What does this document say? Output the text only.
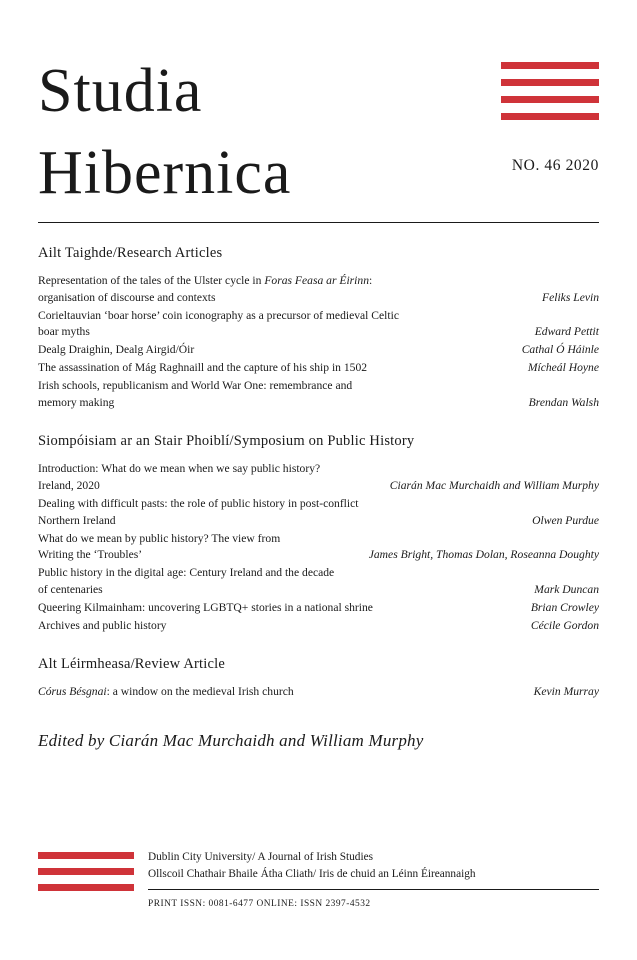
Studia
Hibernica	NO. 46 2020
Ailt Taighde/Research Articles
Representation of the tales of the Ulster cycle in Foras Feasa ar Éirinn:
organisation of discourse and contexts	Feliks Levin
Corieltauvian ‘boar horse’ coin iconography as a precursor of medieval Celtic
boar myths	Edward Pettit
Dealg Draighin, Dealg Airgid/Óir	Cathal Ó Háinle
The assassination of Mág Raghnaill and the capture of his ship in 1502	Mícheál Hoyne
Irish schools, republicanism and World War One: remembrance and
memory making	Brendan Walsh
Siompóisiam ar an Stair Phoiblí/Symposium on Public History
Introduction: What do we mean when we say public history?
Ireland, 2020	Ciarán Mac Murchaidh and William Murphy
Dealing with difficult pasts: the role of public history in post-conflict
Northern Ireland	Olwen Purdue
What do we mean by public history? The view from
Writing the ‘Troubles’	James Bright, Thomas Dolan, Roseanna Doughty
Public history in the digital age: Century Ireland and the decade
of centenaries	Mark Duncan
Queering Kilmainham: uncovering LGBTQ+ stories in a national shrine	Brian Crowley
Archives and public history	Cécile Gordon
Alt Léirmheasa/Review Article
Córus Bésgnai: a window on the medieval Irish church	Kevin Murray
Edited by Ciarán Mac Murchaidh and William Murphy
Dublin City University/ A Journal of Irish Studies
Ollscoil Chathair Bhaile Átha Cliath/ Iris de chuid an Léinn Éireannaigh
PRINT ISSN: 0081-6477 ONLINE: ISSN 2397-4532
